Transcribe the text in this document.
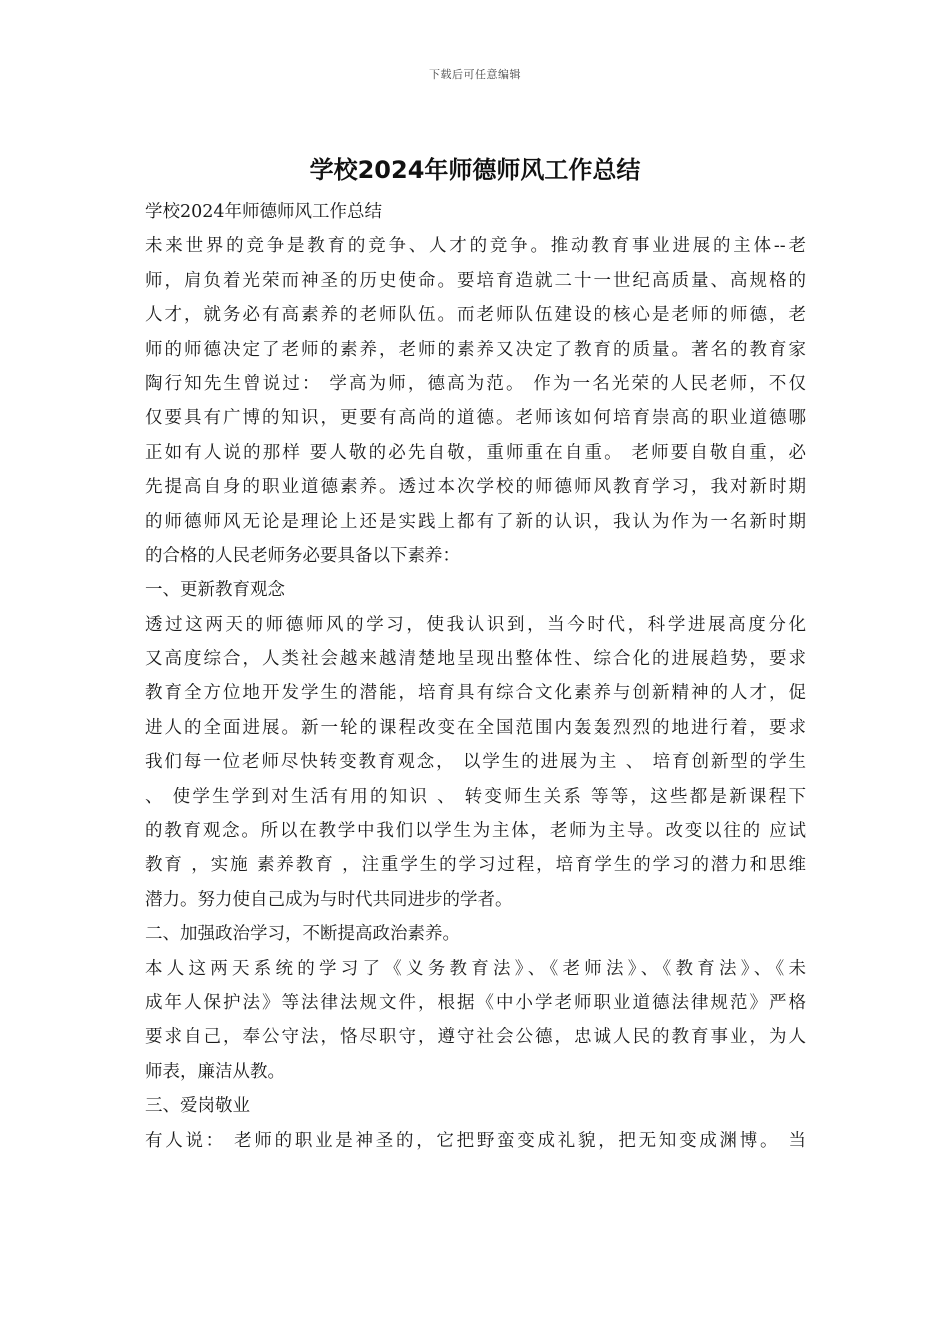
下载后可任意编辑
学校2024年师德师风工作总结
学校2024年师德师风工作总结
未来世界的竞争是教育的竞争、人才的竞争。推动教育事业进展的主体--老
师，肩负着光荣而神圣的历史使命。要培育造就二十一世纪高质量、高规格的
人才，就务必有高素养的老师队伍。而老师队伍建设的核心是老师的师德，老
师的师德决定了老师的素养，老师的素养又决定了教育的质量。著名的教育家
陶行知先生曾说过： 学高为师，德高为范。 作为一名光荣的人民老师，不仅
仅要具有广博的知识，更要有高尚的道德。老师该如何培育崇高的职业道德哪
正如有人说的那样 要人敬的必先自敬，重师重在自重。 老师要自敬自重，必
先提高自身的职业道德素养。透过本次学校的师德师风教育学习，我对新时期
的师德师风无论是理论上还是实践上都有了新的认识，我认为作为一名新时期
的合格的人民老师务必要具备以下素养：
一、更新教育观念
透过这两天的师德师风的学习，使我认识到，当今时代，科学进展高度分化
又高度综合，人类社会越来越清楚地呈现出整体性、综合化的进展趋势，要求
教育全方位地开发学生的潜能，培育具有综合文化素养与创新精神的人才，促
进人的全面进展。新一轮的课程改变在全国范围内轰轰烈烈的地进行着，要求
我们每一位老师尽快转变教育观念， 以学生的进展为主 、 培育创新型的学生
、 使学生学到对生活有用的知识 、 转变师生关系 等等，这些都是新课程下
的教育观念。所以在教学中我们以学生为主体，老师为主导。改变以往的 应试
教育 ，实施 素养教育 ，注重学生的学习过程，培育学生的学习的潜力和思维
潜力。努力使自己成为与时代共同进步的学者。
二、加强政治学习，不断提高政治素养。
本人这两天系统的学习了《义务教育法》、《老师法》、《教育法》、《未
成年人保护法》等法律法规文件，根据《中小学老师职业道德法律规范》严格
要求自己，奉公守法，恪尽职守，遵守社会公德，忠诚人民的教育事业，为人
师表，廉洁从教。
三、爱岗敬业
有人说： 老师的职业是神圣的，它把野蛮变成礼貌，把无知变成渊博。 当
